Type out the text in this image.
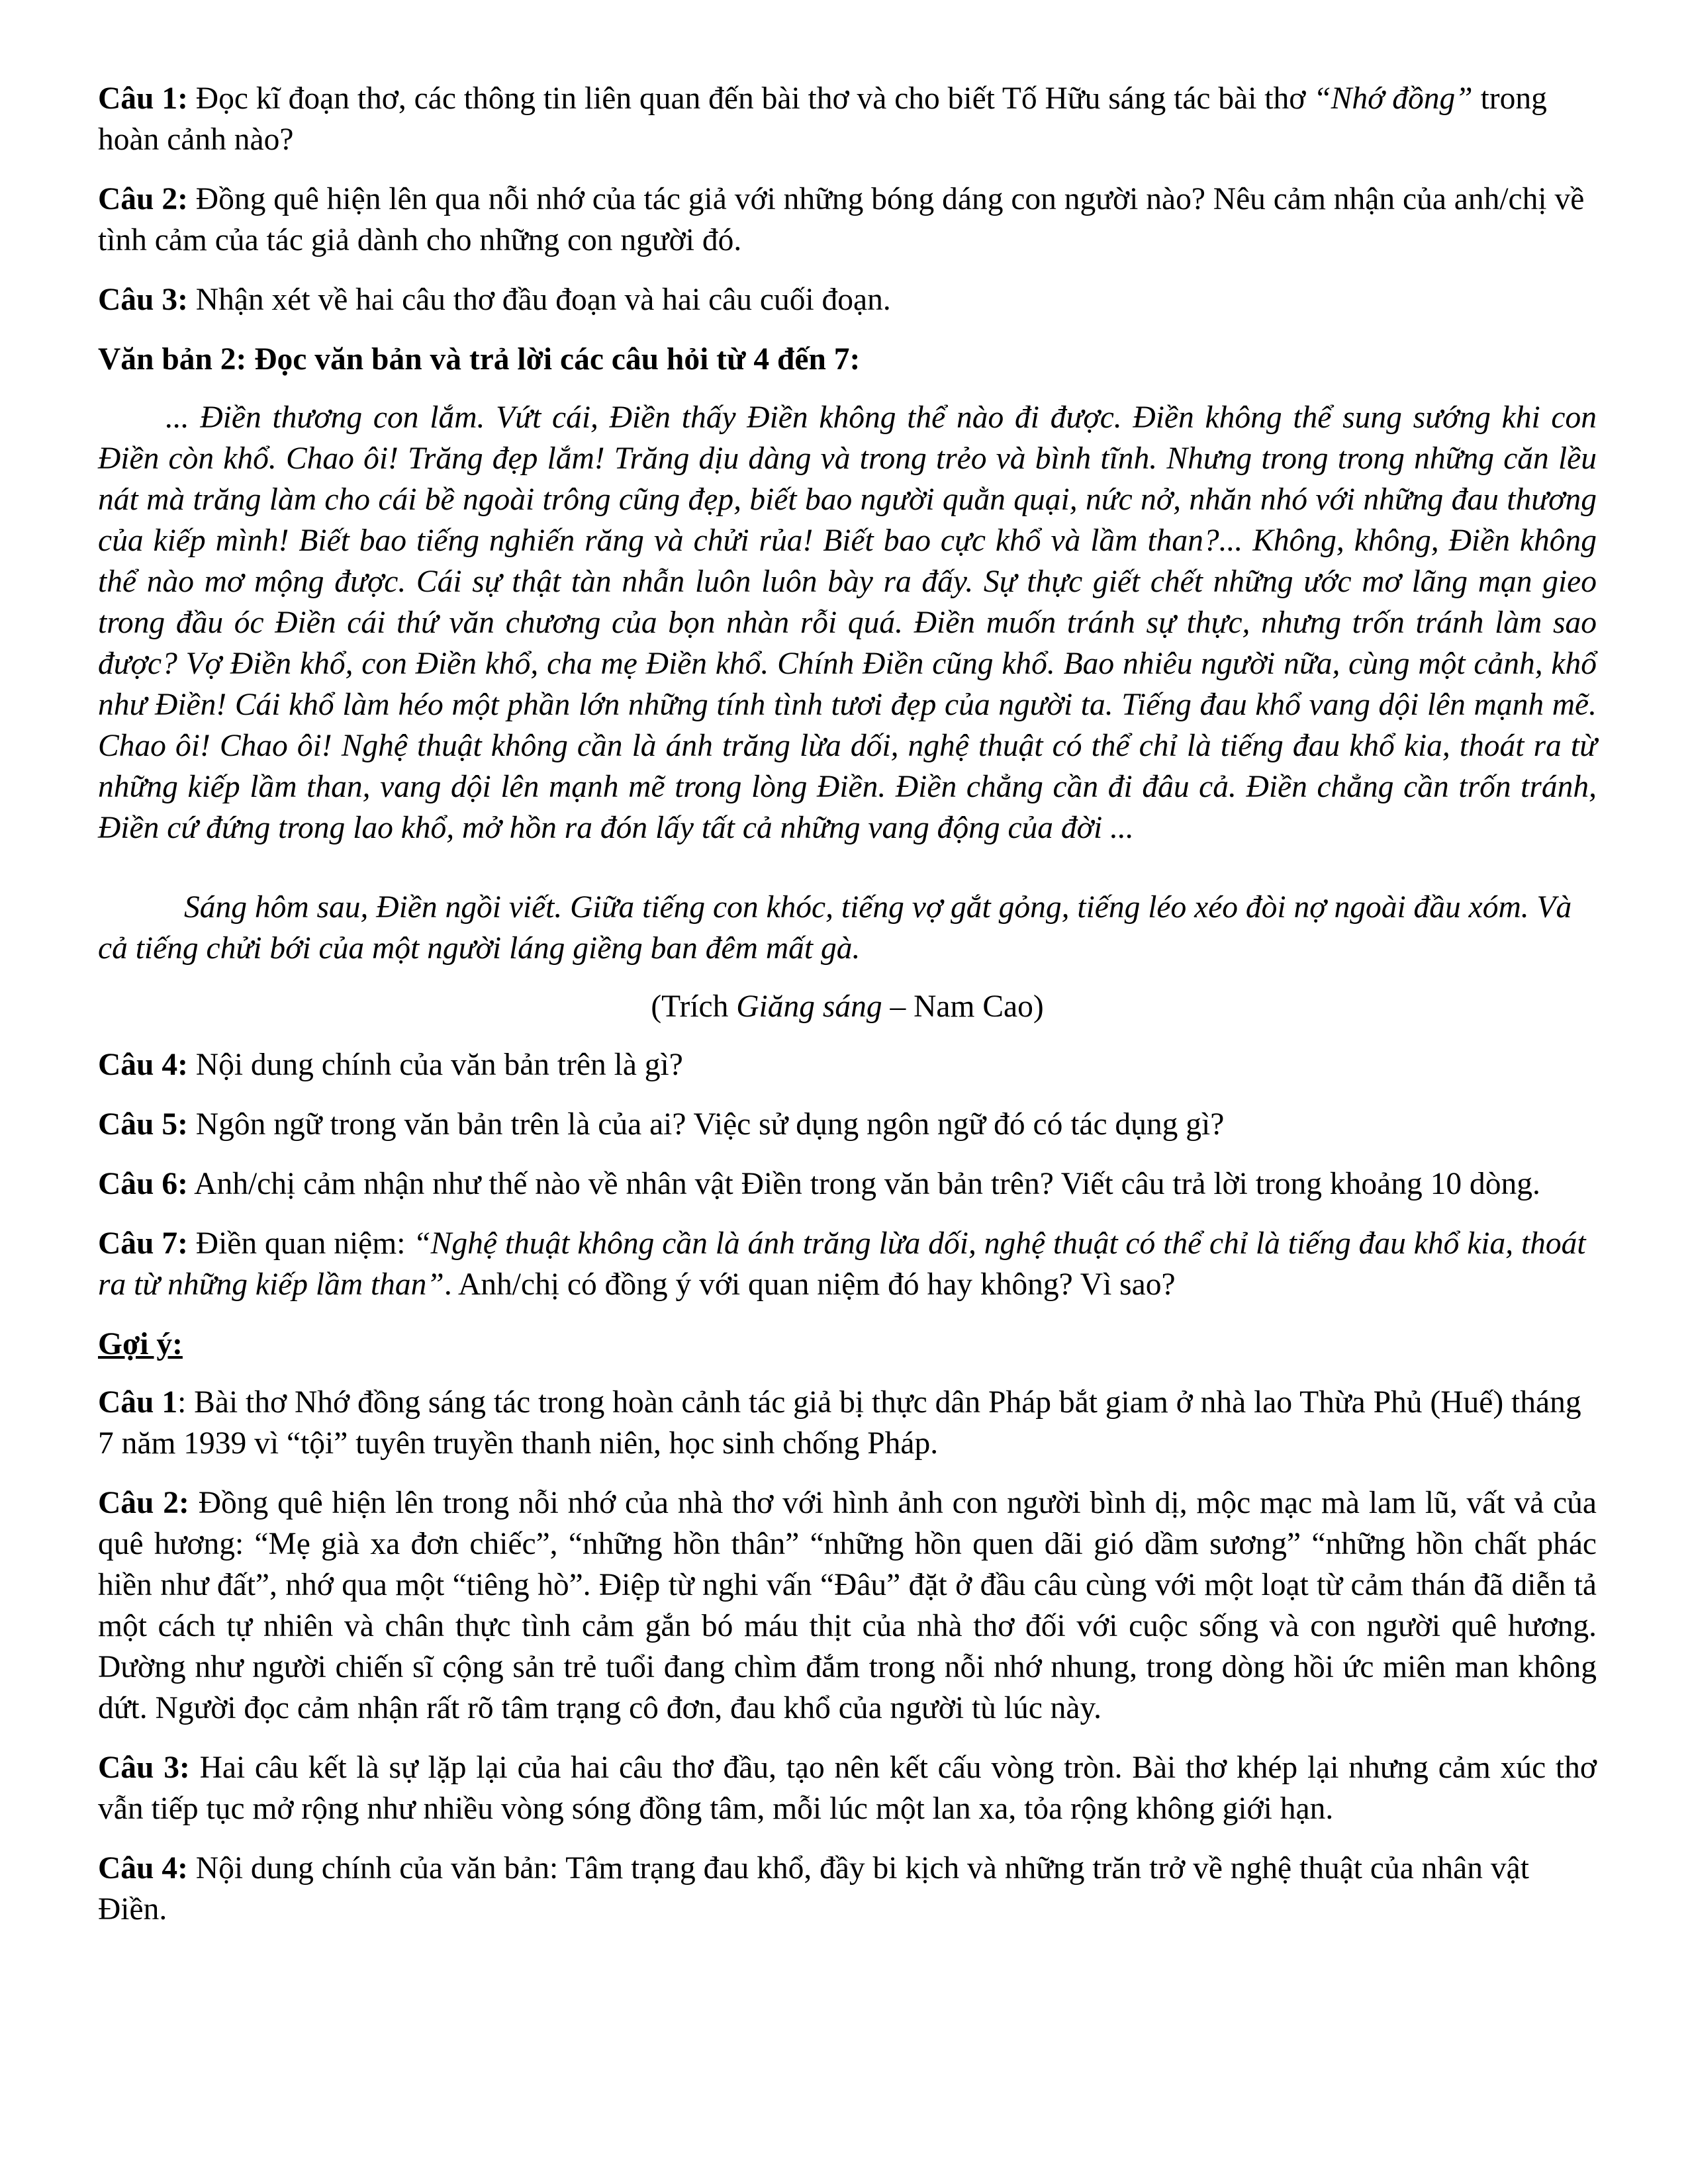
Câu 1: Đọc kĩ đoạn thơ, các thông tin liên quan đến bài thơ và cho biết Tố Hữu sáng tác bài thơ “Nhớ đồng” trong hoàn cảnh nào?

Câu 2: Đồng quê hiện lên qua nỗi nhớ của tác giả với những bóng dáng con người nào? Nêu cảm nhận của anh/chị về tình cảm của tác giả dành cho những con người đó.

Câu 3: Nhận xét về hai câu thơ đầu đoạn và hai câu cuối đoạn.

Văn bản 2: Đọc văn bản và trả lời các câu hỏi từ 4 đến 7:

... Điền thương con lắm. Vứt cái, Điền thấy Điền không thể nào đi được. Điền không thể sung sướng khi con Điền còn khổ. Chao ôi! Trăng đẹp lắm! Trăng dịu dàng và trong trẻo và bình tĩnh. Nhưng trong trong những căn lều nát mà trăng làm cho cái bề ngoài trông cũng đẹp, biết bao người quằn quại, nức nở, nhăn nhó với những đau thương của kiếp mình! Biết bao tiếng nghiến răng và chửi rủa! Biết bao cực khổ và lầm than?... Không, không, Điền không thể nào mơ mộng được. Cái sự thật tàn nhẫn luôn luôn bày ra đấy. Sự thực giết chết những ước mơ lãng mạn gieo trong đầu óc Điền cái thứ văn chương của bọn nhàn rỗi quá. Điền muốn tránh sự thực, nhưng trốn tránh làm sao được? Vợ Điền khổ, con Điền khổ, cha mẹ Điền khổ. Chính Điền cũng khổ. Bao nhiêu người nữa, cùng một cảnh, khổ như Điền! Cái khổ làm héo một phần lớn những tính tình tươi đẹp của người ta. Tiếng đau khổ vang dội lên mạnh mẽ. Chao ôi! Chao ôi! Nghệ thuật không cần là ánh trăng lừa dối, nghệ thuật có thể chỉ là tiếng đau khổ kia, thoát ra từ những kiếp lầm than, vang dội lên mạnh mẽ trong lòng Điền. Điền chẳng cần đi đâu cả. Điền chẳng cần trốn tránh, Điền cứ đứng trong lao khổ, mở hồn ra đón lấy tất cả những vang động của đời ...

Sáng hôm sau, Điền ngồi viết. Giữa tiếng con khóc, tiếng vợ gắt gỏng, tiếng léo xéo đòi nợ ngoài đầu xóm. Và cả tiếng chửi bới của một người láng giềng ban đêm mất gà.

(Trích Giăng sáng – Nam Cao)

Câu 4: Nội dung chính của văn bản trên là gì?

Câu 5: Ngôn ngữ trong văn bản trên là của ai? Việc sử dụng ngôn ngữ đó có tác dụng gì?

Câu 6: Anh/chị cảm nhận như thế nào về nhân vật Điền trong văn bản trên? Viết câu trả lời trong khoảng 10 dòng.

Câu 7: Điền quan niệm: “Nghệ thuật không cần là ánh trăng lừa dối, nghệ thuật có thể chỉ là tiếng đau khổ kia, thoát ra từ những kiếp lầm than”. Anh/chị có đồng ý với quan niệm đó hay không? Vì sao?

Gợi ý:

Câu 1: Bài thơ Nhớ đồng sáng tác trong hoàn cảnh tác giả bị thực dân Pháp bắt giam ở nhà lao Thừa Phủ (Huế) tháng 7 năm 1939 vì “tội” tuyên truyền thanh niên, học sinh chống Pháp.

Câu 2: Đồng quê hiện lên trong nỗi nhớ của nhà thơ với hình ảnh con người bình dị, mộc mạc mà lam lũ, vất vả của quê hương: “Mẹ già xa đơn chiếc”, “những hồn thân” “những hồn quen dãi gió dầm sương” “những hồn chất phác hiền như đất”, nhớ qua một “tiêng hò”. Điệp từ nghi vấn “Đâu” đặt ở đầu câu cùng với một loạt từ cảm thán đã diễn tả một cách tự nhiên và chân thực tình cảm gắn bó máu thịt của nhà thơ đối với cuộc sống và con người quê hương. Dường như người chiến sĩ cộng sản trẻ tuổi đang chìm đắm trong nỗi nhớ nhung, trong dòng hồi ức miên man không dứt. Người đọc cảm nhận rất rõ tâm trạng cô đơn, đau khổ của người tù lúc này.

Câu 3: Hai câu kết là sự lặp lại của hai câu thơ đầu, tạo nên kết cấu vòng tròn. Bài thơ khép lại nhưng cảm xúc thơ vẫn tiếp tục mở rộng như nhiều vòng sóng đồng tâm, mỗi lúc một lan xa, tỏa rộng không giới hạn.

Câu 4: Nội dung chính của văn bản: Tâm trạng đau khổ, đầy bi kịch và những trăn trở về nghệ thuật của nhân vật Điền.
